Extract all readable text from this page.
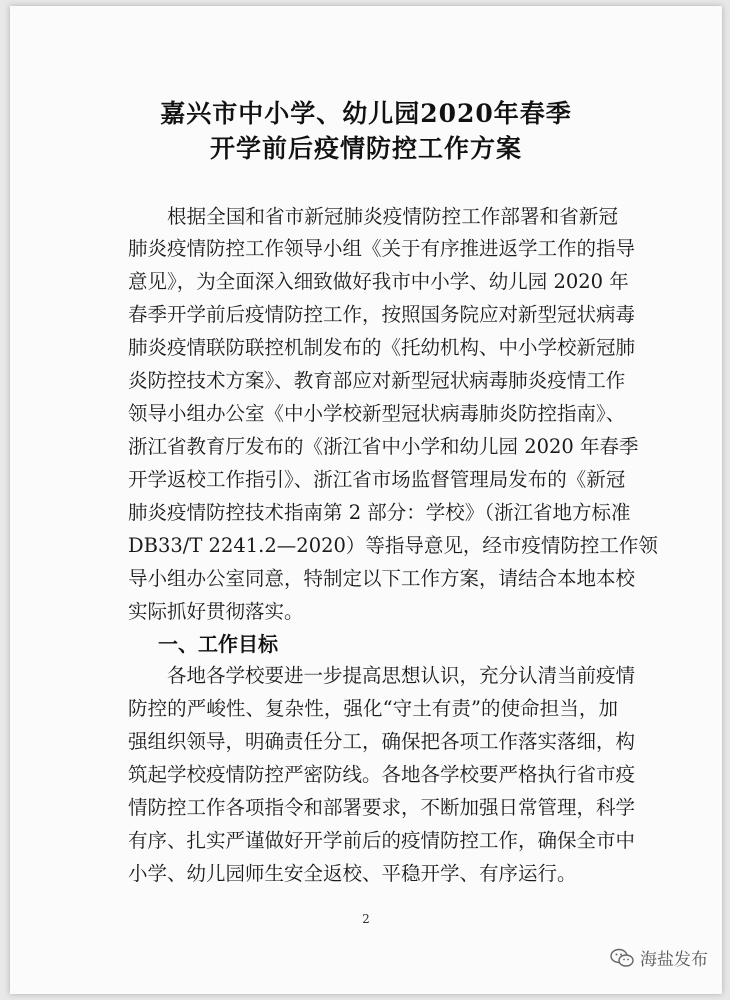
嘉兴市中小学、幼儿园2020年春季
开学前后疫情防控工作方案
根据全国和省市新冠肺炎疫情防控工作部署和省新冠
肺炎疫情防控工作领导小组《关于有序推进返学工作的指导
意见》，为全面深入细致做好我市中小学、幼儿园 2020 年
春季开学前后疫情防控工作，按照国务院应对新型冠状病毒
肺炎疫情联防联控机制发布的《托幼机构、中小学校新冠肺
炎防控技术方案》、教育部应对新型冠状病毒肺炎疫情工作
领导小组办公室《中小学校新型冠状病毒肺炎防控指南》、
浙江省教育厅发布的《浙江省中小学和幼儿园 2020 年春季
开学返校工作指引》、浙江省市场监督管理局发布的《新冠
肺炎疫情防控技术指南第 2 部分：学校》（浙江省地方标准
DB33/T 2241.2—2020）等指导意见，经市疫情防控工作领
导小组办公室同意，特制定以下工作方案，请结合本地本校
实际抓好贯彻落实。
一、工作目标
各地各学校要进一步提高思想认识，充分认清当前疫情
防控的严峻性、复杂性，强化“守土有责”的使命担当，加
强组织领导，明确责任分工，确保把各项工作落实落细，构
筑起学校疫情防控严密防线。各地各学校要严格执行省市疫
情防控工作各项指令和部署要求，不断加强日常管理，科学
有序、扎实严谨做好开学前后的疫情防控工作，确保全市中
小学、幼儿园师生安全返校、平稳开学、有序运行。
2
海盐发布
